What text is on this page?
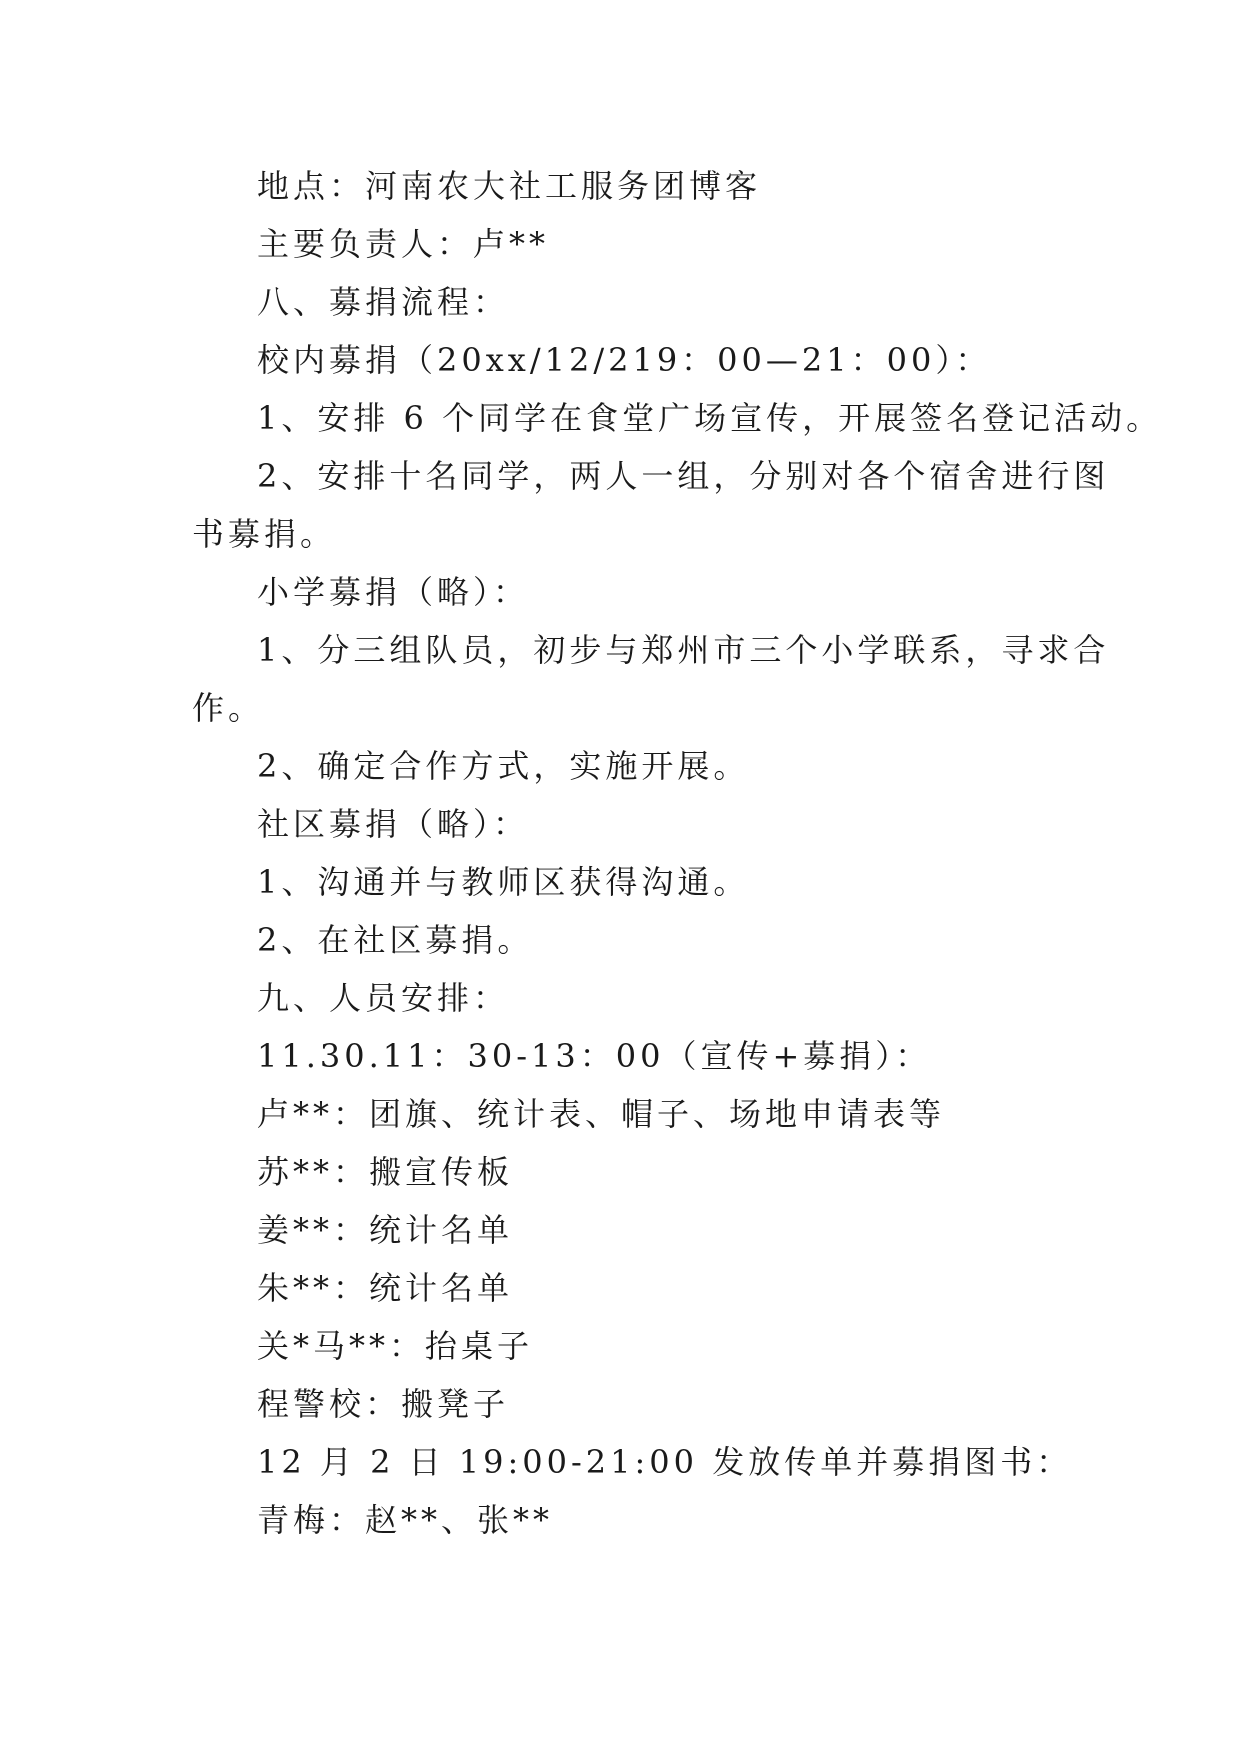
地点：河南农大社工服务团博客
主要负责人：卢**
八、募捐流程：
校内募捐（20xx/12/219：00—21：00）：
1、安排 6 个同学在食堂广场宣传，开展签名登记活动。
2、安排十名同学，两人一组，分别对各个宿舍进行图
书募捐。
小学募捐（略）：
1、分三组队员，初步与郑州市三个小学联系，寻求合
作。
2、确定合作方式，实施开展。
社区募捐（略）：
1、沟通并与教师区获得沟通。
2、在社区募捐。
九、人员安排：
11.30.11：30-13：00（宣传+募捐）：
卢**：团旗、统计表、帽子、场地申请表等
苏**：搬宣传板
姜**：统计名单
朱**：统计名单
关*马**：抬桌子
程警校：搬凳子
12 月 2 日 19:00-21:00 发放传单并募捐图书：
青梅：赵**、张**
